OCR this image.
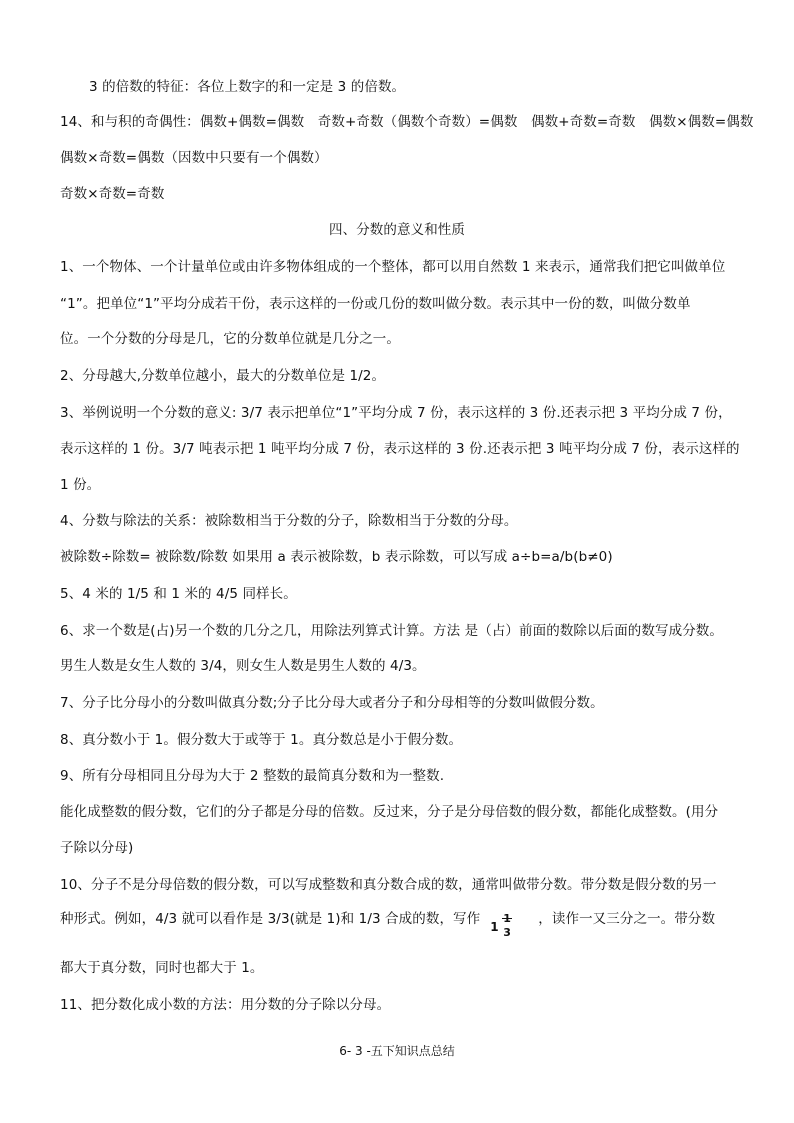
3 的倍数的特征：各位上数字的和一定是 3 的倍数。
14、和与积的奇偶性：偶数+偶数=偶数　奇数+奇数（偶数个奇数）=偶数　偶数+奇数=奇数　偶数×偶数=偶数
偶数×奇数=偶数（因数中只要有一个偶数）
奇数×奇数=奇数
四、分数的意义和性质
1、一个物体、一个计量单位或由许多物体组成的一个整体，都可以用自然数 1 来表示，通常我们把它叫做单位
“1”。把单位“1”平均分成若干份，表示这样的一份或几份的数叫做分数。表示其中一份的数，叫做分数单
位。一个分数的分母是几，它的分数单位就是几分之一。
2、分母越大,分数单位越小，最大的分数单位是 1/2。
3、举例说明一个分数的意义: 3/7 表示把单位“1”平均分成 7 份，表示这样的 3 份.还表示把 3 平均分成 7 份，
表示这样的 1 份。3/7 吨表示把 1 吨平均分成 7 份，表示这样的 3 份.还表示把 3 吨平均分成 7 份，表示这样的
1 份。
4、分数与除法的关系：被除数相当于分数的分子，除数相当于分数的分母。
被除数÷除数= 被除数/除数 如果用 a 表示被除数，b 表示除数，可以写成 a÷b=a/b(b≠0)
5、4 米的 1/5 和 1 米的 4/5 同样长。
6、求一个数是(占)另一个数的几分之几，用除法列算式计算。方法 是（占）前面的数除以后面的数写成分数。
男生人数是女生人数的 3/4，则女生人数是男生人数的 4/3。
7、分子比分母小的分数叫做真分数;分子比分母大或者分子和分母相等的分数叫做假分数。
8、真分数小于 1。假分数大于或等于 1。真分数总是小于假分数。
9、所有分母相同且分母为大于 2 整数的最简真分数和为一整数.
能化成整数的假分数，它们的分子都是分母的倍数。反过来，分子是分母倍数的假分数，都能化成整数。(用分
子除以分母)
10、分子不是分母倍数的假分数，可以写成整数和真分数合成的数，通常叫做带分数。带分数是假分数的另一
种形式。例如，4/3 就可以看作是 3/3(就是 1)和 1/3 合成的数，写作 1 3
，读作一又三分之一。带分数
都大于真分数，同时也都大于 1。
11、把分数化成小数的方法：用分数的分子除以分母。
6- 3 -五下知识点总结
